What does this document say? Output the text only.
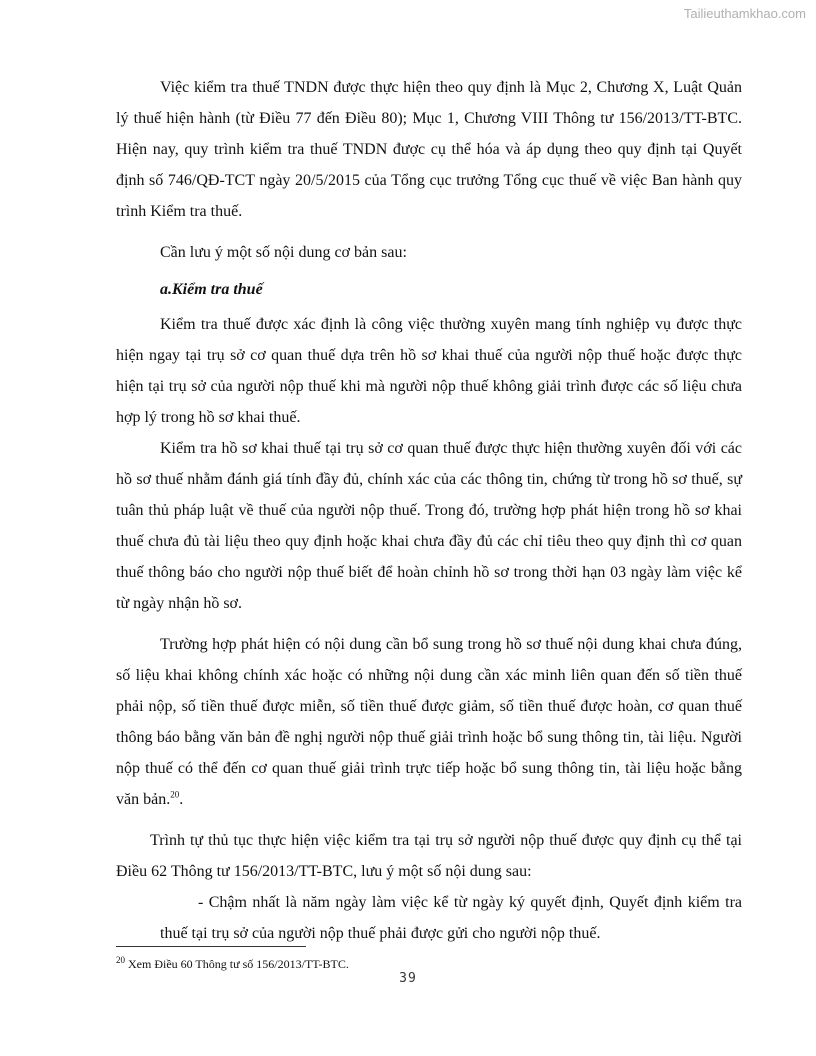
Tailieuthamkhao.com

Việc kiểm tra thuế TNDN được thực hiện theo quy định là Mục 2, Chương X, Luật Quản lý thuế hiện hành (từ Điều 77 đến Điều 80); Mục 1, Chương VIII Thông tư 156/2013/TT-BTC. Hiện nay, quy trình kiểm tra thuế TNDN được cụ thể hóa và áp dụng theo quy định tại Quyết định số 746/QĐ-TCT ngày 20/5/2015 của Tổng cục trưởng Tổng cục thuế về việc Ban hành quy trình Kiểm tra thuế.

Cần lưu ý một số nội dung cơ bản sau:

a.Kiểm tra thuế

Kiểm tra thuế được xác định là công việc thường xuyên mang tính nghiệp vụ được thực hiện ngay tại trụ sở cơ quan thuế dựa trên hồ sơ khai thuế của người nộp thuế hoặc được thực hiện tại trụ sở của người nộp thuế khi mà người nộp thuế không giải trình được các số liệu chưa hợp lý trong hồ sơ khai thuế.

Kiểm tra hồ sơ khai thuế tại trụ sở cơ quan thuế được thực hiện thường xuyên đối với các hồ sơ thuế nhằm đánh giá tính đầy đủ, chính xác của các thông tin, chứng từ trong hồ sơ thuế, sự tuân thủ pháp luật về thuế của người nộp thuế. Trong đó, trường hợp phát hiện trong hồ sơ khai thuế chưa đủ tài liệu theo quy định hoặc khai chưa đầy đủ các chỉ tiêu theo quy định thì cơ quan thuế thông báo cho người nộp thuế biết để hoàn chỉnh hồ sơ trong thời hạn 03 ngày làm việc kể từ ngày nhận hồ sơ.

Trường hợp phát hiện có nội dung cần bổ sung trong hồ sơ thuế nội dung khai chưa đúng, số liệu khai không chính xác hoặc có những nội dung cần xác minh liên quan đến số tiền thuế phải nộp, số tiền thuế được miễn, số tiền thuế được giảm, số tiền thuế được hoàn, cơ quan thuế thông báo bằng văn bản đề nghị người nộp thuế giải trình hoặc bổ sung thông tin, tài liệu. Người nộp thuế có thể đến cơ quan thuế giải trình trực tiếp hoặc bổ sung thông tin, tài liệu hoặc bằng văn bản.$^{20}$.

Trình tự thủ tục thực hiện việc kiểm tra tại trụ sở người nộp thuế được quy định cụ thể tại Điều 62 Thông tư 156/2013/TT-BTC, lưu ý một số nội dung sau:

- Chậm nhất là năm ngày làm việc kể từ ngày ký quyết định, Quyết định kiểm tra thuế tại trụ sở của người nộp thuế phải được gửi cho người nộp thuế.

$^{20}$ Xem Điều 60 Thông tư số 156/2013/TT-BTC.
39
